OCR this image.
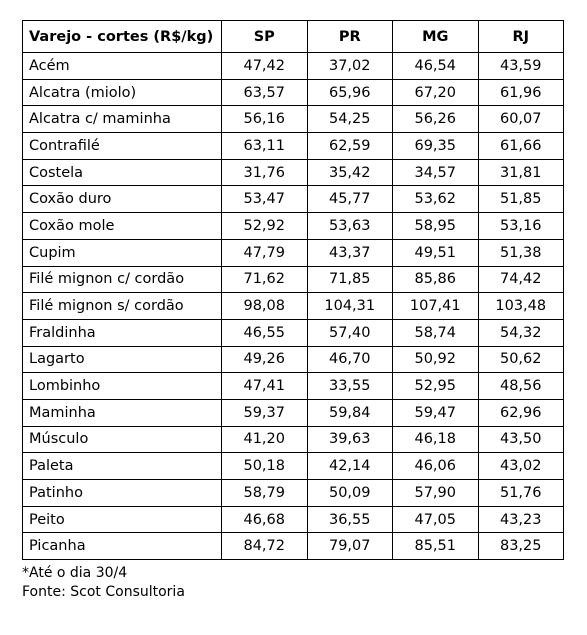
Varejo - cortes (R$/kg)	SP	PR	MG	RJ
Acém	47,42	37,02	46,54	43,59
Alcatra (miolo)	63,57	65,96	67,20	61,96
Alcatra c/ maminha	56,16	54,25	56,26	60,07
Contrafilé	63,11	62,59	69,35	61,66
Costela	31,76	35,42	34,57	31,81
Coxão duro	53,47	45,77	53,62	51,85
Coxão mole	52,92	53,63	58,95	53,16
Cupim	47,79	43,37	49,51	51,38
Filé mignon c/ cordão	71,62	71,85	85,86	74,42
Filé mignon s/ cordão	98,08	104,31	107,41	103,48
Fraldinha	46,55	57,40	58,74	54,32
Lagarto	49,26	46,70	50,92	50,62
Lombinho	47,41	33,55	52,95	48,56
Maminha	59,37	59,84	59,47	62,96
Músculo	41,20	39,63	46,18	43,50
Paleta	50,18	42,14	46,06	43,02
Patinho	58,79	50,09	57,90	51,76
Peito	46,68	36,55	47,05	43,23
Picanha	84,72	79,07	85,51	83,25
*Até o dia 30/4
Fonte: Scot Consultoria
